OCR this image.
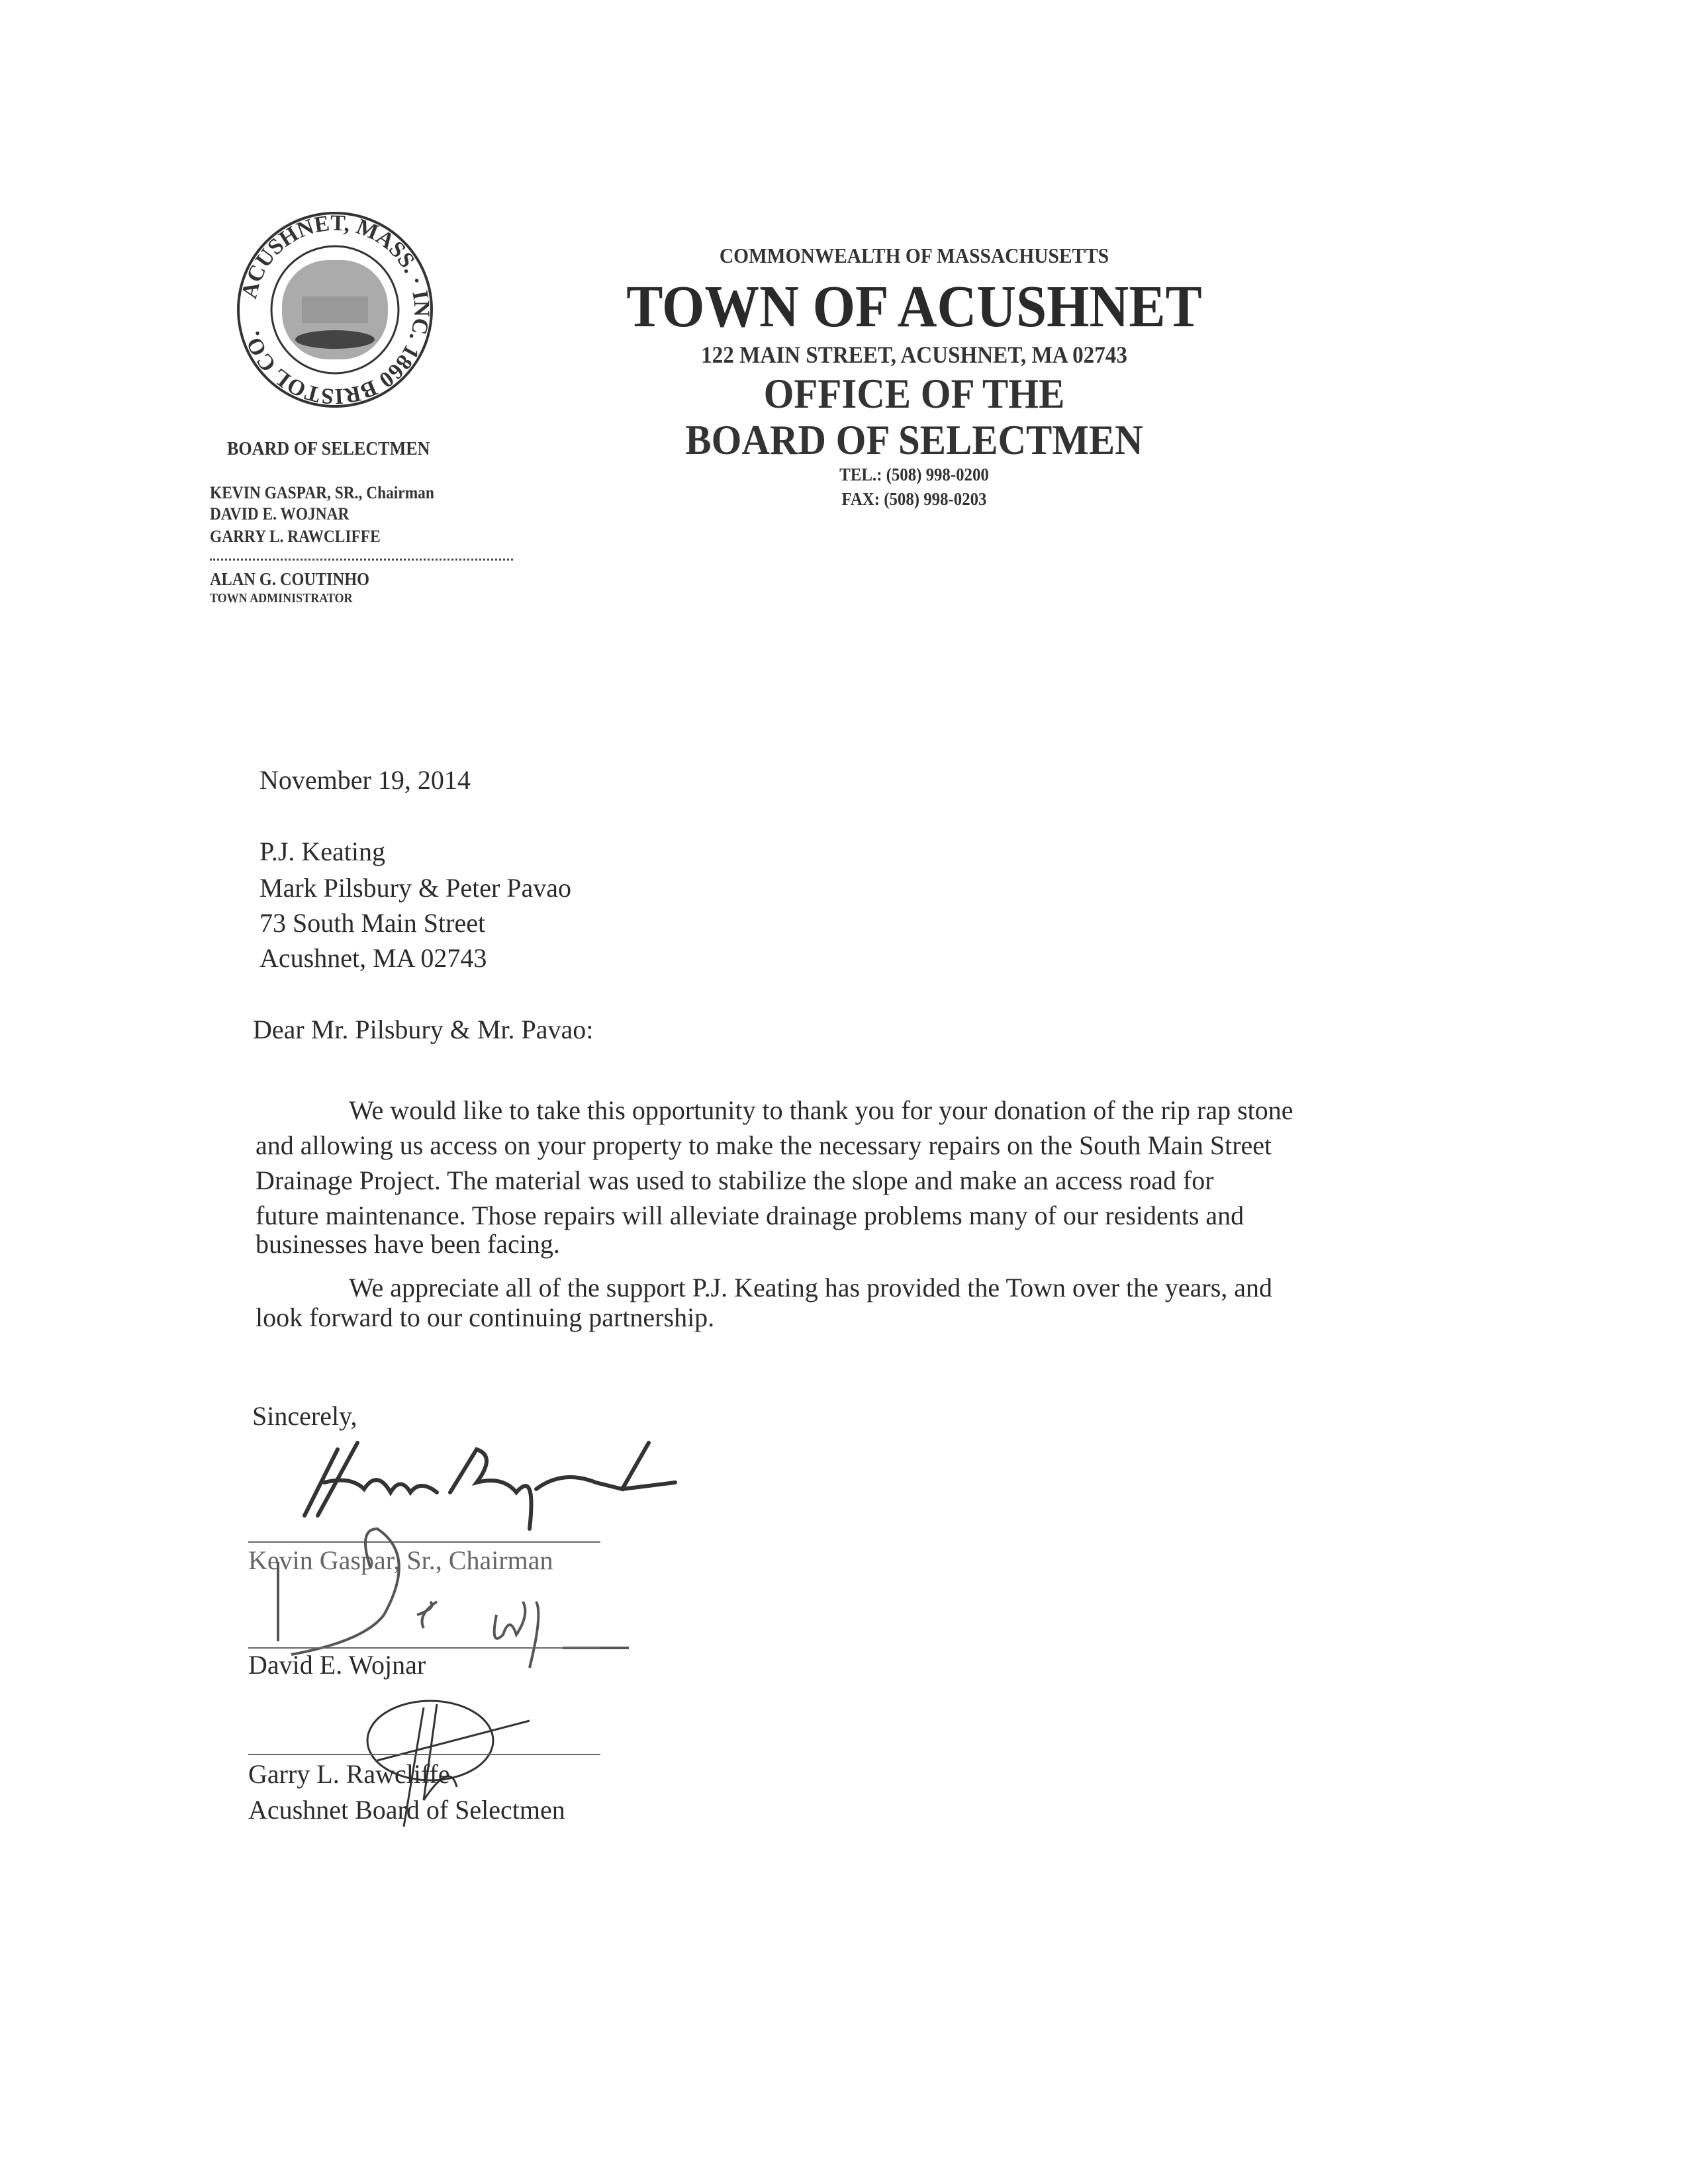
ACUSHNET, MASS. · INC. 1860 BRISTOL CO.
COMMONWEALTH OF MASSACHUSETTS
TOWN OF ACUSHNET
122 MAIN STREET, ACUSHNET, MA 02743
OFFICE OF THE
BOARD OF SELECTMEN
TEL.: (508) 998-0200
FAX: (508) 998-0203
BOARD OF SELECTMEN
KEVIN GASPAR, SR., Chairman
DAVID E. WOJNAR
GARRY L. RAWCLIFFE
ALAN G. COUTINHO
TOWN ADMINISTRATOR
November 19, 2014
P.J. Keating
Mark Pilsbury & Peter Pavao
73 South Main Street
Acushnet, MA 02743
Dear Mr. Pilsbury & Mr. Pavao:
We would like to take this opportunity to thank you for your donation of the rip rap stone
and allowing us access on your property to make the necessary repairs on the South Main Street
Drainage Project. The material was used to stabilize the slope and make an access road for
future maintenance. Those repairs will alleviate drainage problems many of our residents and
businesses have been facing.
We appreciate all of the support P.J. Keating has provided the Town over the years, and
look forward to our continuing partnership.
Sincerely,
Kevin Gaspar, Sr., Chairman
David E. Wojnar
Garry L. Rawcliffe
Acushnet Board of Selectmen
